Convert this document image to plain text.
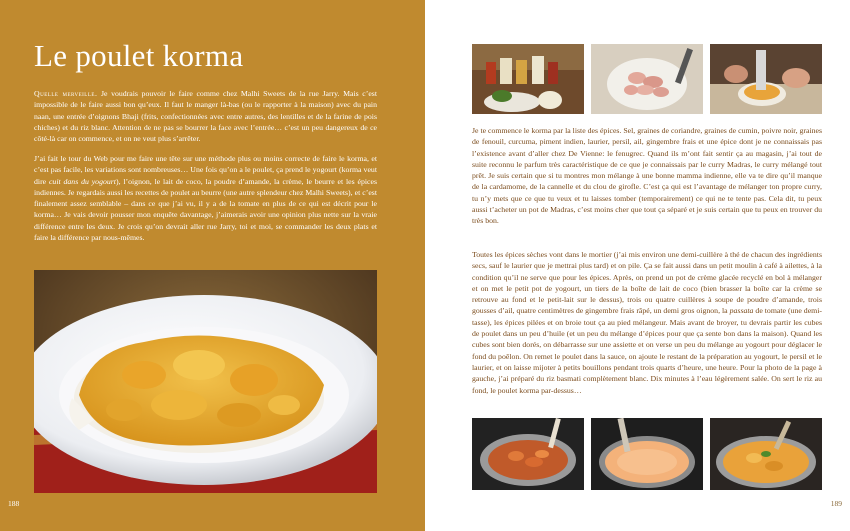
Le poulet korma

Quelle merveille. Je voudrais pouvoir le faire comme chez Malhi Sweets de la rue Jarry. Mais c’est impossible de le faire aussi bon qu’eux. Il faut le manger là-bas (ou le rapporter à la maison) avec du pain naan, une entrée d’oignons Bhaji (frits, confectionnées avec entre autres, des lentilles et de la farine de pois chiches) et du riz blanc. Attention de ne pas se bourrer la face avec l’entrée… c’est un peu dangereux de ce côté-là car on commence, et on ne veut plus s’arrêter.

J’ai fait le tour du Web pour me faire une tête sur une méthode plus ou moins correcte de faire le korma, et c’est pas facile, les variations sont nombreuses… Une fois qu’on a le poulet, ça prend le yogourt (korma veut dire cuit dans du yogourt), l’oignon, le lait de coco, la poudre d’amande, la crème, le beurre et les épices indiennes. Je regardais aussi les recettes de poulet au beurre (une autre splendeur chez Malhi Sweets), et c’est finalement assez semblable – dans ce que j’ai vu, il y a de la tomate en plus de ce qui est décrit pour le korma… Je vais devoir pousser mon enquête davantage, j’aimerais avoir une opinion plus nette sur la vraie différence entre les deux. Je crois qu’on devrait aller rue Jarry, toi et moi, se commander les deux plats et faire la différence par nous-mêmes.

188

Je te commence le korma par la liste des épices. Sel, graines de coriandre, graines de cumin, poivre noir, graines de fenouil, curcuma, piment indien, laurier, persil, ail, gingembre frais et une épice dont je ne connaissais pas l’existence avant d’aller chez De Vienne: le fenugrec. Quand ils m’ont fait sentir ça au magasin, j’ai tout de suite reconnu le parfum très caractéristique de ce que je connaissais par le curry Madras, le curry mélangé tout prêt. Je suis certain que si tu montres mon mélange à une bonne mamma indienne, elle va te dire qu’il manque de la cardamome, de la cannelle et du clou de girofle. C’est ça qui est l’avantage de mélanger ton propre curry, tu n’y mets que ce que tu veux et tu laisses tomber (temporairement) ce qui ne te tente pas. Cela dit, tu peux aussi t’acheter un pot de Madras, c’est moins cher que tout ça séparé et je suis certain que tu peux en trouver du très bon.

Toutes les épices sèches vont dans le mortier (j’ai mis environ une demi-cuillère à thé de chacun des ingrédients secs, sauf le laurier que je mettrai plus tard) et on pile. Ça se fait aussi dans un petit moulin à café à ailettes, à la condition qu’il ne serve que pour les épices. Après, on prend un pot de crème glacée recyclé en bol à mélanger et on met le petit pot de yogourt, un tiers de la boîte de lait de coco (bien brasser la boîte car la crème se retrouve au fond et le petit-lait sur le dessus), trois ou quatre cuillères à soupe de poudre d’amande, trois gousses d’ail, quatre centimètres de gingembre frais râpé, un demi gros oignon, la passata de tomate (une demi-tasse), les épices pilées et on broie tout ça au pied mélangeur. Mais avant de broyer, tu devrais partir les cubes de poulet dans un peu d’huile (et un peu du mélange d’épices pour que ça sente bon dans la maison). Quand les cubes sont bien dorés, on débarrasse sur une assiette et on verse un peu du mélange au yogourt pour déglacer le fond du poêlon. On remet le poulet dans la sauce, on ajoute le restant de la préparation au yogourt, le persil et le laurier, et on laisse mijoter à petits bouillons pendant trois quarts d’heure, une heure. Pour la photo de la page à gauche, j’ai préparé du riz basmati complètement blanc. Dix minutes à l’eau légèrement salée. On sert le riz au fond, le poulet korma par-dessus…

189
